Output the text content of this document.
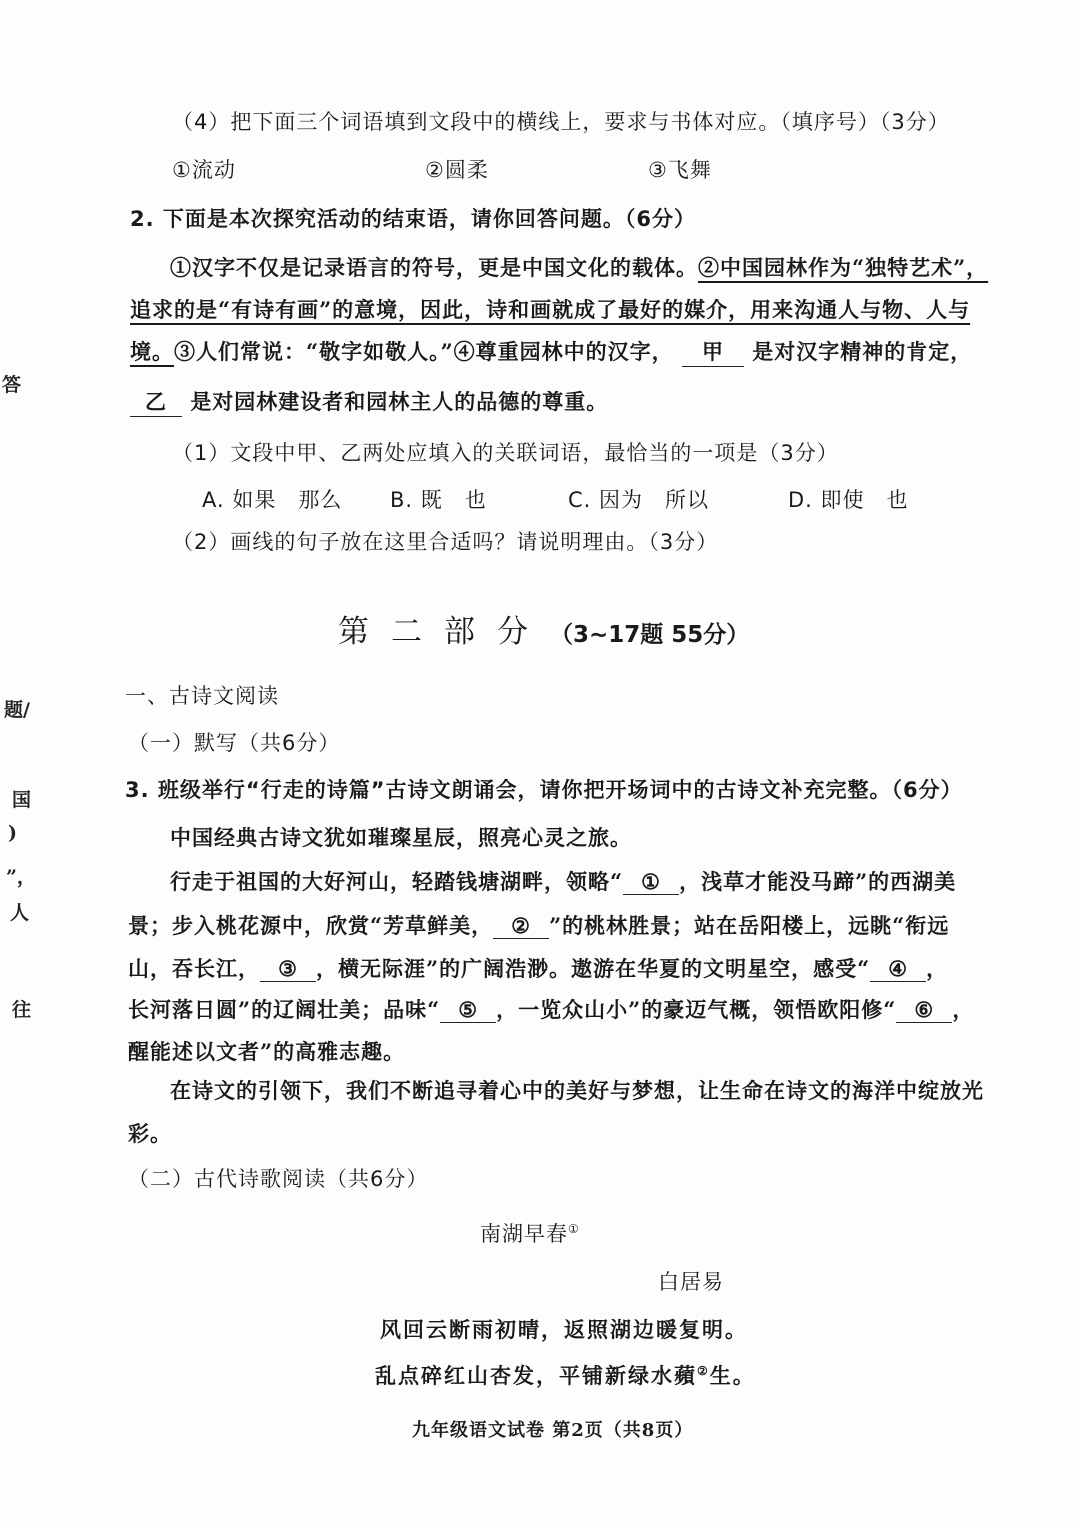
答
题/
国
)
”，
人
往
（4）把下面三个词语填到文段中的横线上，要求与书体对应。（填序号）（3分）
①流动	②圆柔	③飞舞
2. 下面是本次探究活动的结束语，请你回答问题。（6分）
①汉字不仅是记录语言的符号，更是中国文化的载体。②中国园林作为“独特艺术”，
追求的是“有诗有画”的意境，因此，诗和画就成了最好的媒介，用来沟通人与物、人与
境。③人们常说：“敬字如敬人。”④尊重园林中的汉字， 甲 是对汉字精神的肯定，
乙 是对园林建设者和园林主人的品德的尊重。
（1）文段中甲、乙两处应填入的关联词语，最恰当的一项是（3分）
A. 如果　那么 B. 既　也	C. 因为　所以	D. 即使　也
（2）画线的句子放在这里合适吗？请说明理由。（3分）
第二部分（3~17题 55分）
一、古诗文阅读
（一）默写（共6分）
3. 班级举行“行走的诗篇”古诗文朗诵会，请你把开场词中的古诗文补充完整。（6分）
中国经典古诗文犹如璀璨星辰，照亮心灵之旅。
行走于祖国的大好河山，轻踏钱塘湖畔，领略“ ① ，浅草才能没马蹄”的西湖美
景；步入桃花源中，欣赏“芳草鲜美， ② ”的桃林胜景；站在岳阳楼上，远眺“衔远
山，吞长江， ③ ，横无际涯”的广阔浩渺。遨游在华夏的文明星空，感受“ ④ ，
长河落日圆”的辽阔壮美；品味“ ⑤ ，一览众山小”的豪迈气概，领悟欧阳修“ ⑥ ，
醒能述以文者”的高雅志趣。
在诗文的引领下，我们不断追寻着心中的美好与梦想，让生命在诗文的海洋中绽放光
彩。
（二）古代诗歌阅读（共6分）
南湖早春①
白居易
风回云断雨初晴，返照湖边暖复明。
乱点碎红山杏发，平铺新绿水蘋②生。
九年级语文试卷 第2页（共8页）
